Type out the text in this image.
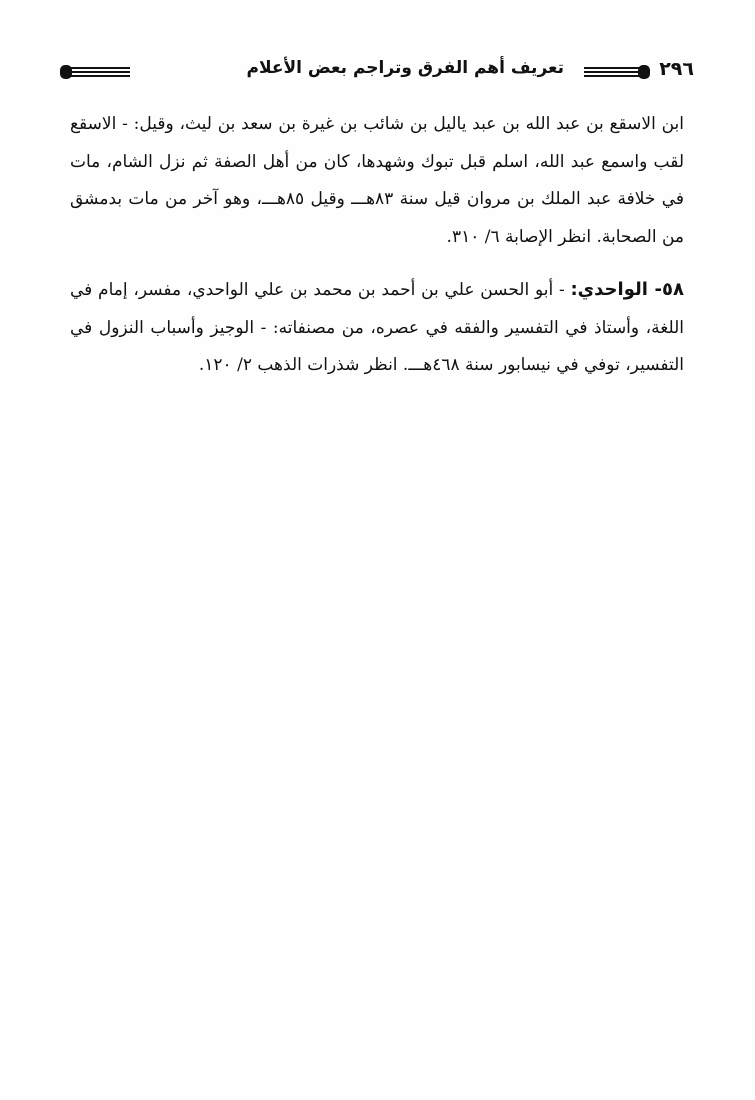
٢٩٦
تعريف أهم الفرق وتراجم بعض الأعلام

ابن الاسقع بن عبد الله بن عبد ياليل بن شائب بن غيرة بن سعد بن ليث، وقيل: - الاسقع لقب واسمع عبد الله، اسلم قبل تبوك وشهدها، كان من أهل الصفة ثم نزل الشام، مات في خلافة عبد الملك بن مروان قيل سنة ٨٣هـــ وقيل ٨٥هـــ، وهو آخر من مات بدمشق من الصحابة. انظر الإصابة ٦/ ٣١٠.

٥٨- الواحدي: - أبو الحسن علي بن أحمد بن محمد بن علي الواحدي، مفسر، إمام في اللغة، وأستاذ في التفسير والفقه في عصره، من مصنفاته: - الوجيز وأسباب النزول في التفسير، توفي في نيسابور سنة ٤٦٨هـــ. انظر شذرات الذهب ٢/ ١٢٠.
